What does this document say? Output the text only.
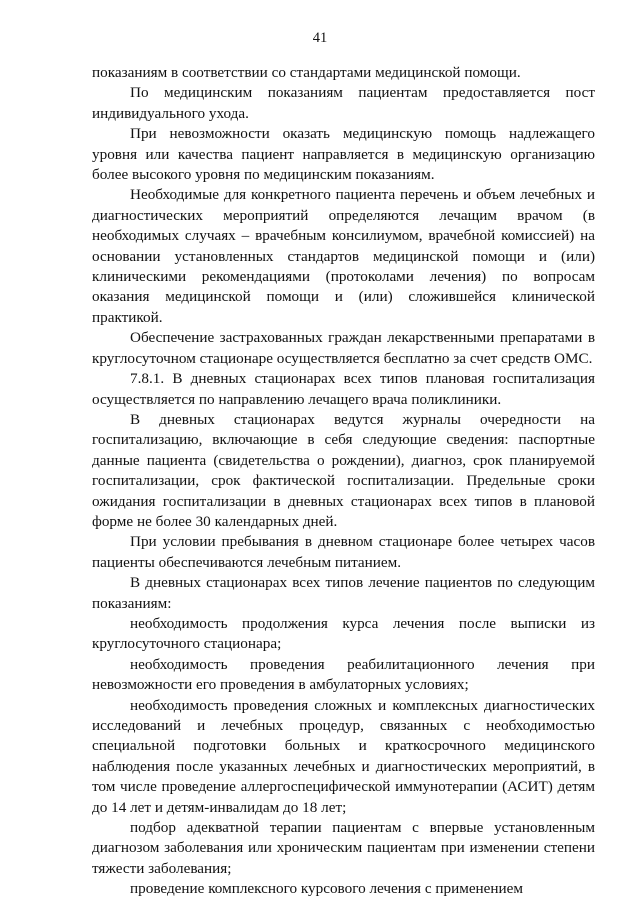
41

показаниям в соответствии со стандартами медицинской помощи.

По медицинским показаниям пациентам предоставляется пост индивидуального ухода.

При невозможности оказать медицинскую помощь надлежащего уровня или качества пациент направляется в медицинскую организацию более высокого уровня по медицинским показаниям.

Необходимые для конкретного пациента перечень и объем лечебных и диагностических мероприятий определяются лечащим врачом (в необходимых случаях – врачебным консилиумом, врачебной комиссией) на основании установленных стандартов медицинской помощи и (или) клиническими рекомендациями (протоколами лечения) по вопросам оказания медицинской помощи и (или) сложившейся клинической практикой.

Обеспечение застрахованных граждан лекарственными препаратами в круглосуточном стационаре осуществляется бесплатно за счет средств ОМС.

7.8.1. В дневных стационарах всех типов плановая госпитализация осуществляется по направлению лечащего врача поликлиники.

В дневных стационарах ведутся журналы очередности на госпитализацию, включающие в себя следующие сведения: паспортные данные пациента (свидетельства о рождении), диагноз, срок планируемой госпитализации, срок фактической госпитализации. Предельные сроки ожидания госпитализации в дневных стационарах всех типов в плановой форме не более 30 календарных дней.

При условии пребывания в дневном стационаре более четырех часов пациенты обеспечиваются лечебным питанием.

В дневных стационарах всех типов лечение пациентов по следующим показаниям:

необходимость продолжения курса лечения после выписки из круглосуточного стационара;

необходимость проведения реабилитационного лечения при невозможности его проведения в амбулаторных условиях;

необходимость проведения сложных и комплексных диагностических исследований и лечебных процедур, связанных с необходимостью специальной подготовки больных и краткосрочного медицинского наблюдения после указанных лечебных и диагностических мероприятий, в том числе проведение аллергоспецифической иммунотерапии (АСИТ) детям до 14 лет и детям-инвалидам до 18 лет;

подбор адекватной терапии пациентам с впервые установленным диагнозом заболевания или хроническим пациентам при изменении степени тяжести заболевания;

проведение комплексного курсового лечения с применением
